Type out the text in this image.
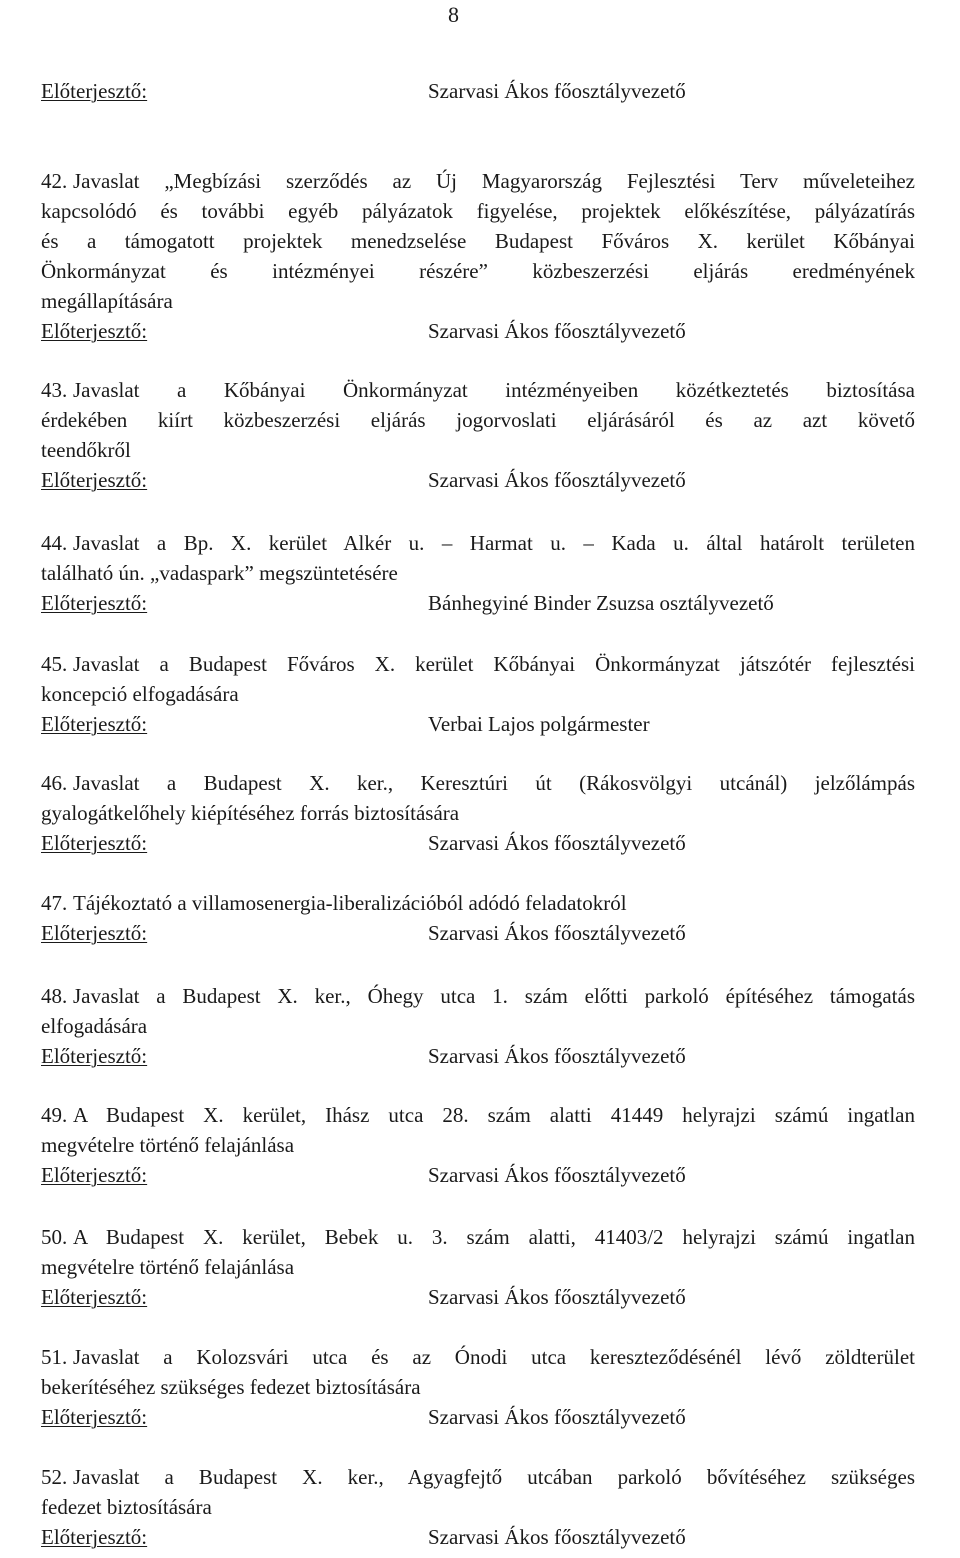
8
Előterjesztő:	Szarvasi Ákos főosztályvezető
42. Javaslat „Megbízási szerződés az Új Magyarország Fejlesztési Terv műveleteihez
kapcsolódó és további egyéb pályázatok figyelése, projektek előkészítése, pályázatírás
és a támogatott projektek menedzselése Budapest Főváros X. kerület Kőbányai
Önkormányzat és intézményei részére” közbeszerzési eljárás eredményének
megállapítására
Előterjesztő:	Szarvasi Ákos főosztályvezető
43. Javaslat a Kőbányai Önkormányzat intézményeiben közétkeztetés biztosítása
érdekében kiírt közbeszerzési eljárás jogorvoslati eljárásáról és az azt követő
teendőkről
Előterjesztő:	Szarvasi Ákos főosztályvezető
44. Javaslat a Bp. X. kerület Alkér u. – Harmat u. – Kada u. által határolt területen
található ún. „vadaspark” megszüntetésére
Előterjesztő:	Bánhegyiné Binder Zsuzsa osztályvezető
45. Javaslat a Budapest Főváros X. kerület Kőbányai Önkormányzat játszótér fejlesztési
koncepció elfogadására
Előterjesztő:	Verbai Lajos polgármester
46. Javaslat a Budapest X. ker., Keresztúri út (Rákosvölgyi utcánál) jelzőlámpás
gyalogátkelőhely kiépítéséhez forrás biztosítására
Előterjesztő:	Szarvasi Ákos főosztályvezető
47. Tájékoztató a villamosenergia-liberalizációból adódó feladatokról
Előterjesztő:	Szarvasi Ákos főosztályvezető
48. Javaslat a Budapest X. ker., Óhegy utca 1. szám előtti parkoló építéséhez támogatás
elfogadására
Előterjesztő:	Szarvasi Ákos főosztályvezető
49. A Budapest X. kerület, Ihász utca 28. szám alatti 41449 helyrajzi számú ingatlan
megvételre történő felajánlása
Előterjesztő:	Szarvasi Ákos főosztályvezető
50. A Budapest X. kerület, Bebek u. 3. szám alatti, 41403/2 helyrajzi számú ingatlan
megvételre történő felajánlása
Előterjesztő:	Szarvasi Ákos főosztályvezető
51. Javaslat a Kolozsvári utca és az Ónodi utca kereszteződésénél lévő zöldterület
bekerítéséhez szükséges fedezet biztosítására
Előterjesztő:	Szarvasi Ákos főosztályvezető
52. Javaslat a Budapest X. ker., Agyagfejtő utcában parkoló bővítéséhez szükséges
fedezet biztosítására
Előterjesztő:	Szarvasi Ákos főosztályvezető
